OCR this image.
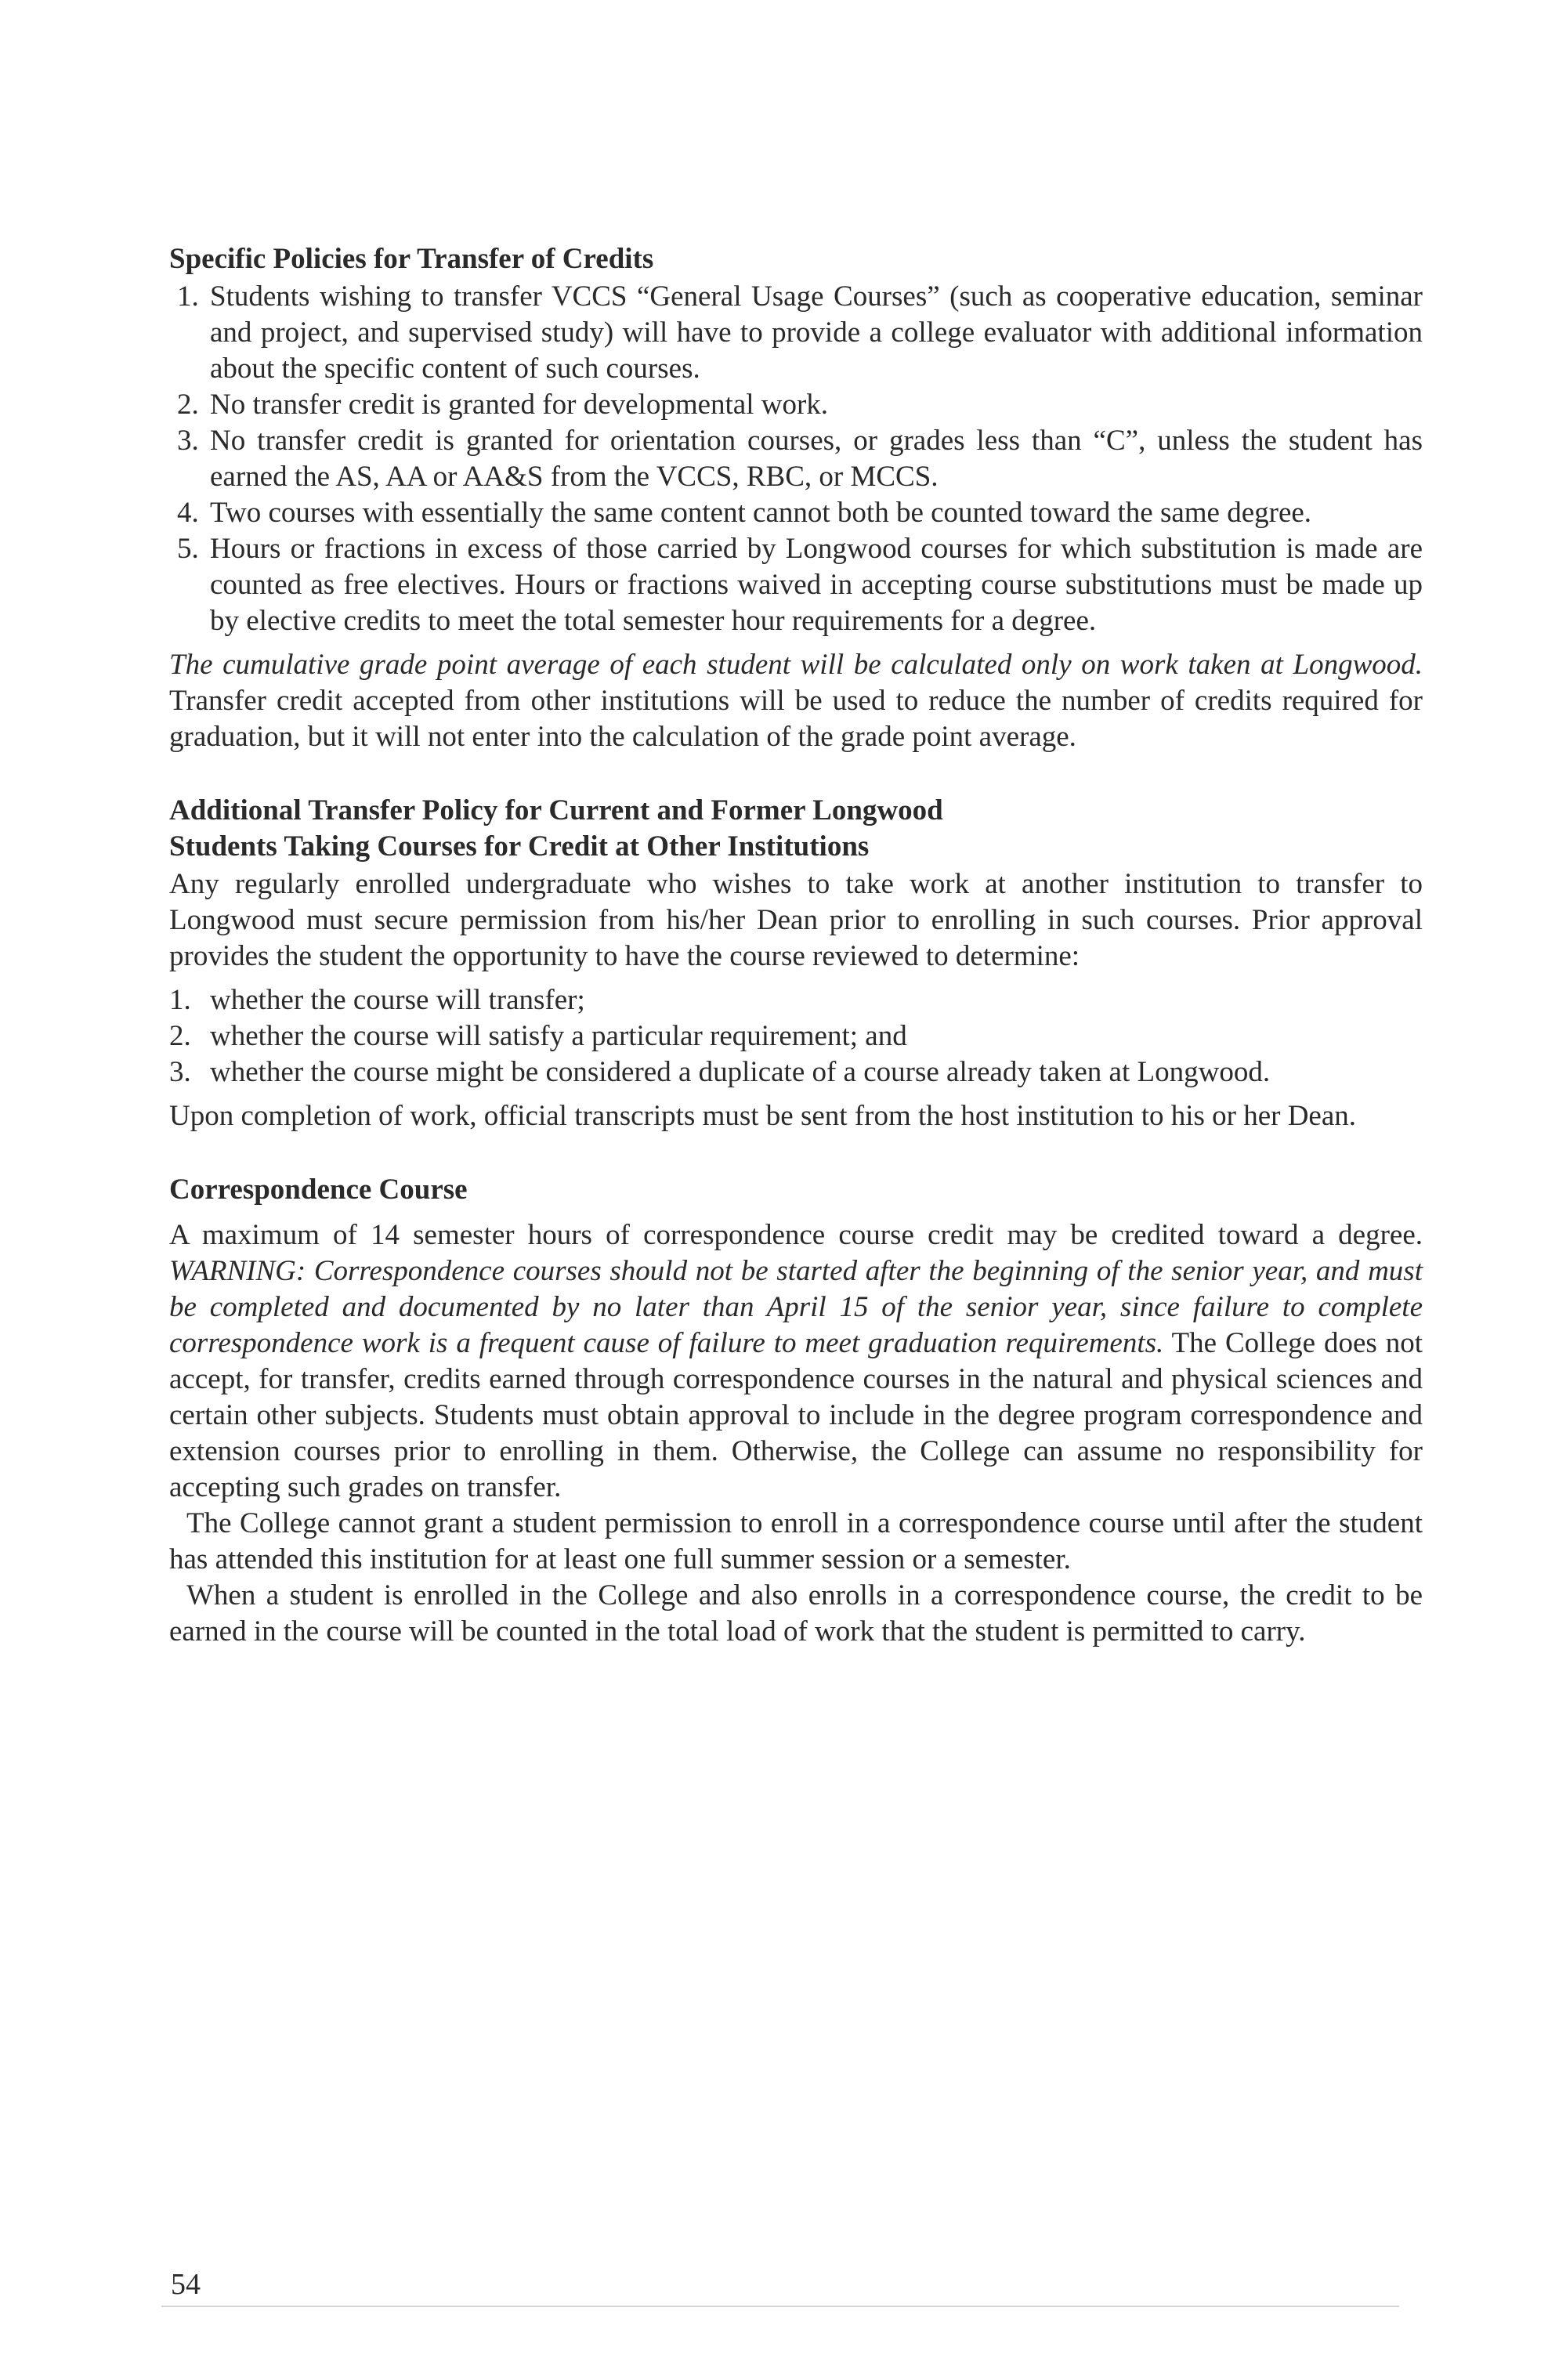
Specific Policies for Transfer of Credits
1. Students wishing to transfer VCCS “General Usage Courses” (such as cooperative education, seminar and project, and supervised study) will have to provide a college evaluator with additional information about the specific content of such courses.
2. No transfer credit is granted for developmental work.
3. No transfer credit is granted for orientation courses, or grades less than “C”, unless the student has earned the AS, AA or AA&S from the VCCS, RBC, or MCCS.
4. Two courses with essentially the same content cannot both be counted toward the same degree.
5. Hours or fractions in excess of those carried by Longwood courses for which substitution is made are counted as free electives. Hours or fractions waived in accepting course substitutions must be made up by elective credits to meet the total semester hour requirements for a degree.

The cumulative grade point average of each student will be calculated only on work taken at Longwood. Transfer credit accepted from other institutions will be used to reduce the number of credits required for graduation, but it will not enter into the calculation of the grade point average.

Additional Transfer Policy for Current and Former Longwood
Students Taking Courses for Credit at Other Institutions

Any regularly enrolled undergraduate who wishes to take work at another institution to transfer to Longwood must secure permission from his/her Dean prior to enrolling in such courses. Prior approval provides the student the opportunity to have the course reviewed to determine:

1. whether the course will transfer;
2. whether the course will satisfy a particular requirement; and
3. whether the course might be considered a duplicate of a course already taken at Longwood.

Upon completion of work, official transcripts must be sent from the host institution to his or her Dean.

Correspondence Course

A maximum of 14 semester hours of correspondence course credit may be credited toward a degree. WARNING: Correspondence courses should not be started after the beginning of the senior year, and must be completed and documented by no later than April 15 of the senior year, since failure to complete correspondence work is a frequent cause of failure to meet graduation requirements. The College does not accept, for transfer, credits earned through correspondence courses in the natural and physical sciences and certain other subjects. Students must obtain approval to include in the degree program correspondence and extension courses prior to enrolling in them. Otherwise, the College can assume no responsibility for accepting such grades on transfer.

The College cannot grant a student permission to enroll in a correspondence course until after the student has attended this institution for at least one full summer session or a semester.

When a student is enrolled in the College and also enrolls in a correspondence course, the credit to be earned in the course will be counted in the total load of work that the student is permitted to carry.

54
